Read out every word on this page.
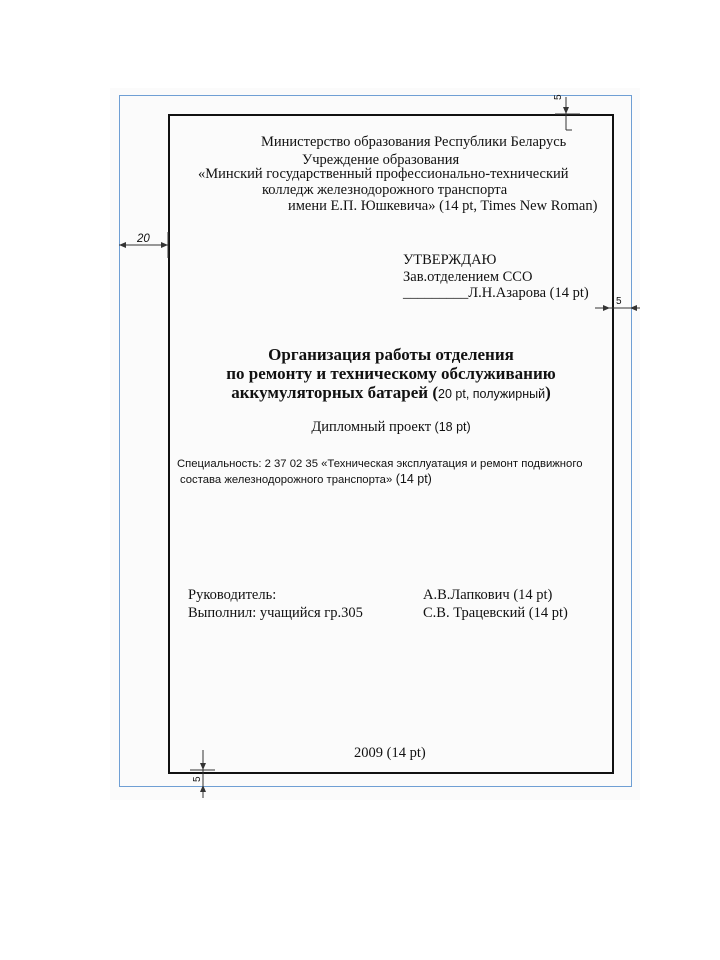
20
5
5
5
Министерство образования Республики Беларусь
Учреждение образования
«Минский государственный профессионально-технический
колледж железнодорожного транспорта
имени Е.П. Юшкевича» (14 pt, Times New Roman)
УТВЕРЖДАЮ
Зав.отделением ССО
_________Л.Н.Азарова (14 pt)
Организация работы отделения
по ремонту и техническому обслуживанию
аккумуляторных батарей (20 pt, полужирный)
Дипломный проект (18 pt)
Специальность: 2 37 02 35 «Техническая эксплуатация и ремонт подвижного
состава железнодорожного транспорта» (14 pt)
Руководитель:
Выполнил: учащийся гр.305
А.В.Лапкович (14 pt)
С.В. Трацевский (14 pt)
2009 (14 pt)
